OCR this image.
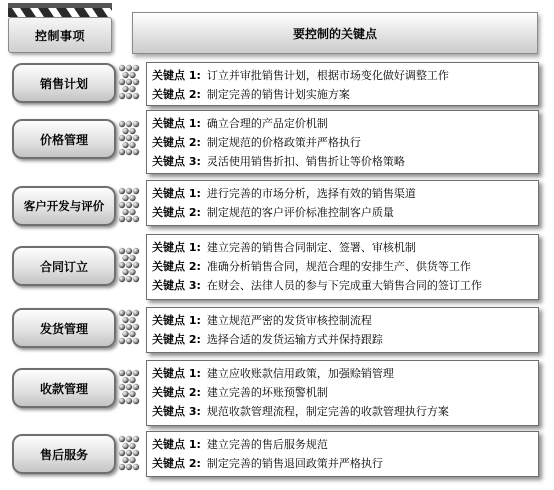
控制事项	要控制的关键点
销售计划
关键点 1: 订立并审批销售计划，根据市场变化做好调整工作
关键点 2: 制定完善的销售计划实施方案
价格管理
关键点 1: 确立合理的产品定价机制
关键点 2: 制定规范的价格政策并严格执行
关键点 3: 灵活使用销售折扣、销售折让等价格策略
客户开发与评价
关键点 1: 进行完善的市场分析，选择有效的销售渠道
关键点 2: 制定规范的客户评价标准控制客户质量
合同订立
关键点 1: 建立完善的销售合同制定、签署、审核机制
关键点 2: 准确分析销售合同，规范合理的安排生产、供货等工作
关键点 3: 在财会、法律人员的参与下完成重大销售合同的签订工作
发货管理
关键点 1: 建立规范严密的发货审核控制流程
关键点 2: 选择合适的发货运输方式并保持跟踪
收款管理
关键点 1: 建立应收账款信用政策，加强赊销管理
关键点 2: 建立完善的坏账预警机制
关键点 3: 规范收款管理流程，制定完善的收款管理执行方案
售后服务
关键点 1: 建立完善的售后服务规范
关键点 2: 制定完善的销售退回政策并严格执行
